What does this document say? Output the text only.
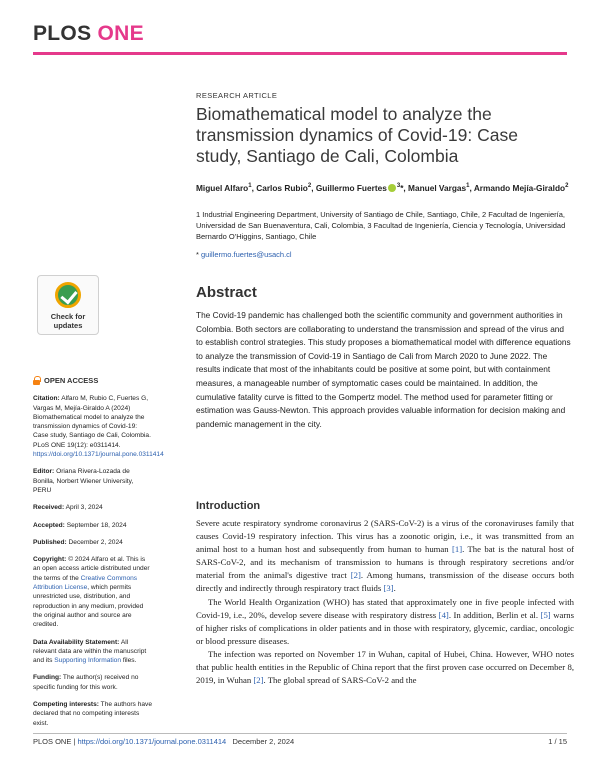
PLOS ONE
RESEARCH ARTICLE
Biomathematical model to analyze the transmission dynamics of Covid-19: Case study, Santiago de Cali, Colombia
Miguel Alfaro$^1$, Carlos Rubio$^2$, Guillermo Fuertes $^3$*, Manuel Vargas$^1$, Armando Mejía-Giraldo$^2$
1 Industrial Engineering Department, University of Santiago de Chile, Santiago, Chile, 2 Facultad de Ingeniería, Universidad de San Buenaventura, Cali, Colombia, 3 Facultad de Ingeniería, Ciencia y Tecnología, Universidad Bernardo O'Higgins, Santiago, Chile
* guillermo.fuertes@usach.cl
Check for
updates
Abstract

The Covid-19 pandemic has challenged both the scientific community and government authorities in Colombia. Both sectors are collaborating to understand the transmission and spread of the virus and to establish control strategies. This study proposes a biomathematical model with difference equations to analyze the transmission of Covid-19 in Santiago de Cali from March 2020 to June 2022. The results indicate that most of the inhabitants could be positive at some point, but with containment measures, a manageable number of symptomatic cases could be maintained. In addition, the cumulative fatality curve is fitted to the Gompertz model. The method used for parameter fitting or estimation was Gauss-Newton. This approach provides valuable information for decision making and pandemic management in the city.

OPEN ACCESS
Citation: Alfaro M, Rubio C, Fuertes G, Vargas M, Mejía-Giraldo A (2024) Biomathematical model to analyze the transmission dynamics of Covid-19: Case study, Santiago de Cali, Colombia. PLoS ONE 19(12): e0311414. https://doi.org/10.1371/journal.pone.0311414
Editor: Oriana Rivera-Lozada de Bonilla, Norbert Wiener University, PERU
Received: April 3, 2024
Accepted: September 18, 2024
Published: December 2, 2024
Copyright: © 2024 Alfaro et al. This is an open access article distributed under the terms of the Creative Commons Attribution License, which permits unrestricted use, distribution, and reproduction in any medium, provided the original author and source are credited.
Data Availability Statement: All relevant data are within the manuscript and its Supporting Information files.
Funding: The author(s) received no specific funding for this work.
Competing interests: The authors have declared that no competing interests exist.
Introduction

Severe acute respiratory syndrome coronavirus 2 (SARS-CoV-2) is a virus of the coronaviruses family that causes Covid-19 respiratory infection. This virus has a zoonotic origin, i.e., it was transmitted from an animal host to a human host and subsequently from human to human [1]. The bat is the natural host of SARS-CoV-2, and its mechanism of transmission to humans is through respiratory secretions and/or material from the animal's digestive tract [2]. Among humans, transmission of the disease occurs both directly and indirectly through respiratory tract fluids [3].

The World Health Organization (WHO) has stated that approximately one in five people infected with Covid-19, i.e., 20%, develop severe disease with respiratory distress [4]. In addition, Berlin et al. [5] warns of higher risks of complications in older patients and in those with respiratory, glycemic, cardiac, oncologic or blood pressure diseases.

The infection was reported on November 17 in Wuhan, capital of Hubei, China. However, WHO notes that public health entities in the Republic of China report that the first proven case occurred on December 8, 2019, in Wuhan [2]. The global spread of SARS-CoV-2 and the

PLOS ONE | https://doi.org/10.1371/journal.pone.0311414 December 2, 2024	1 / 15
